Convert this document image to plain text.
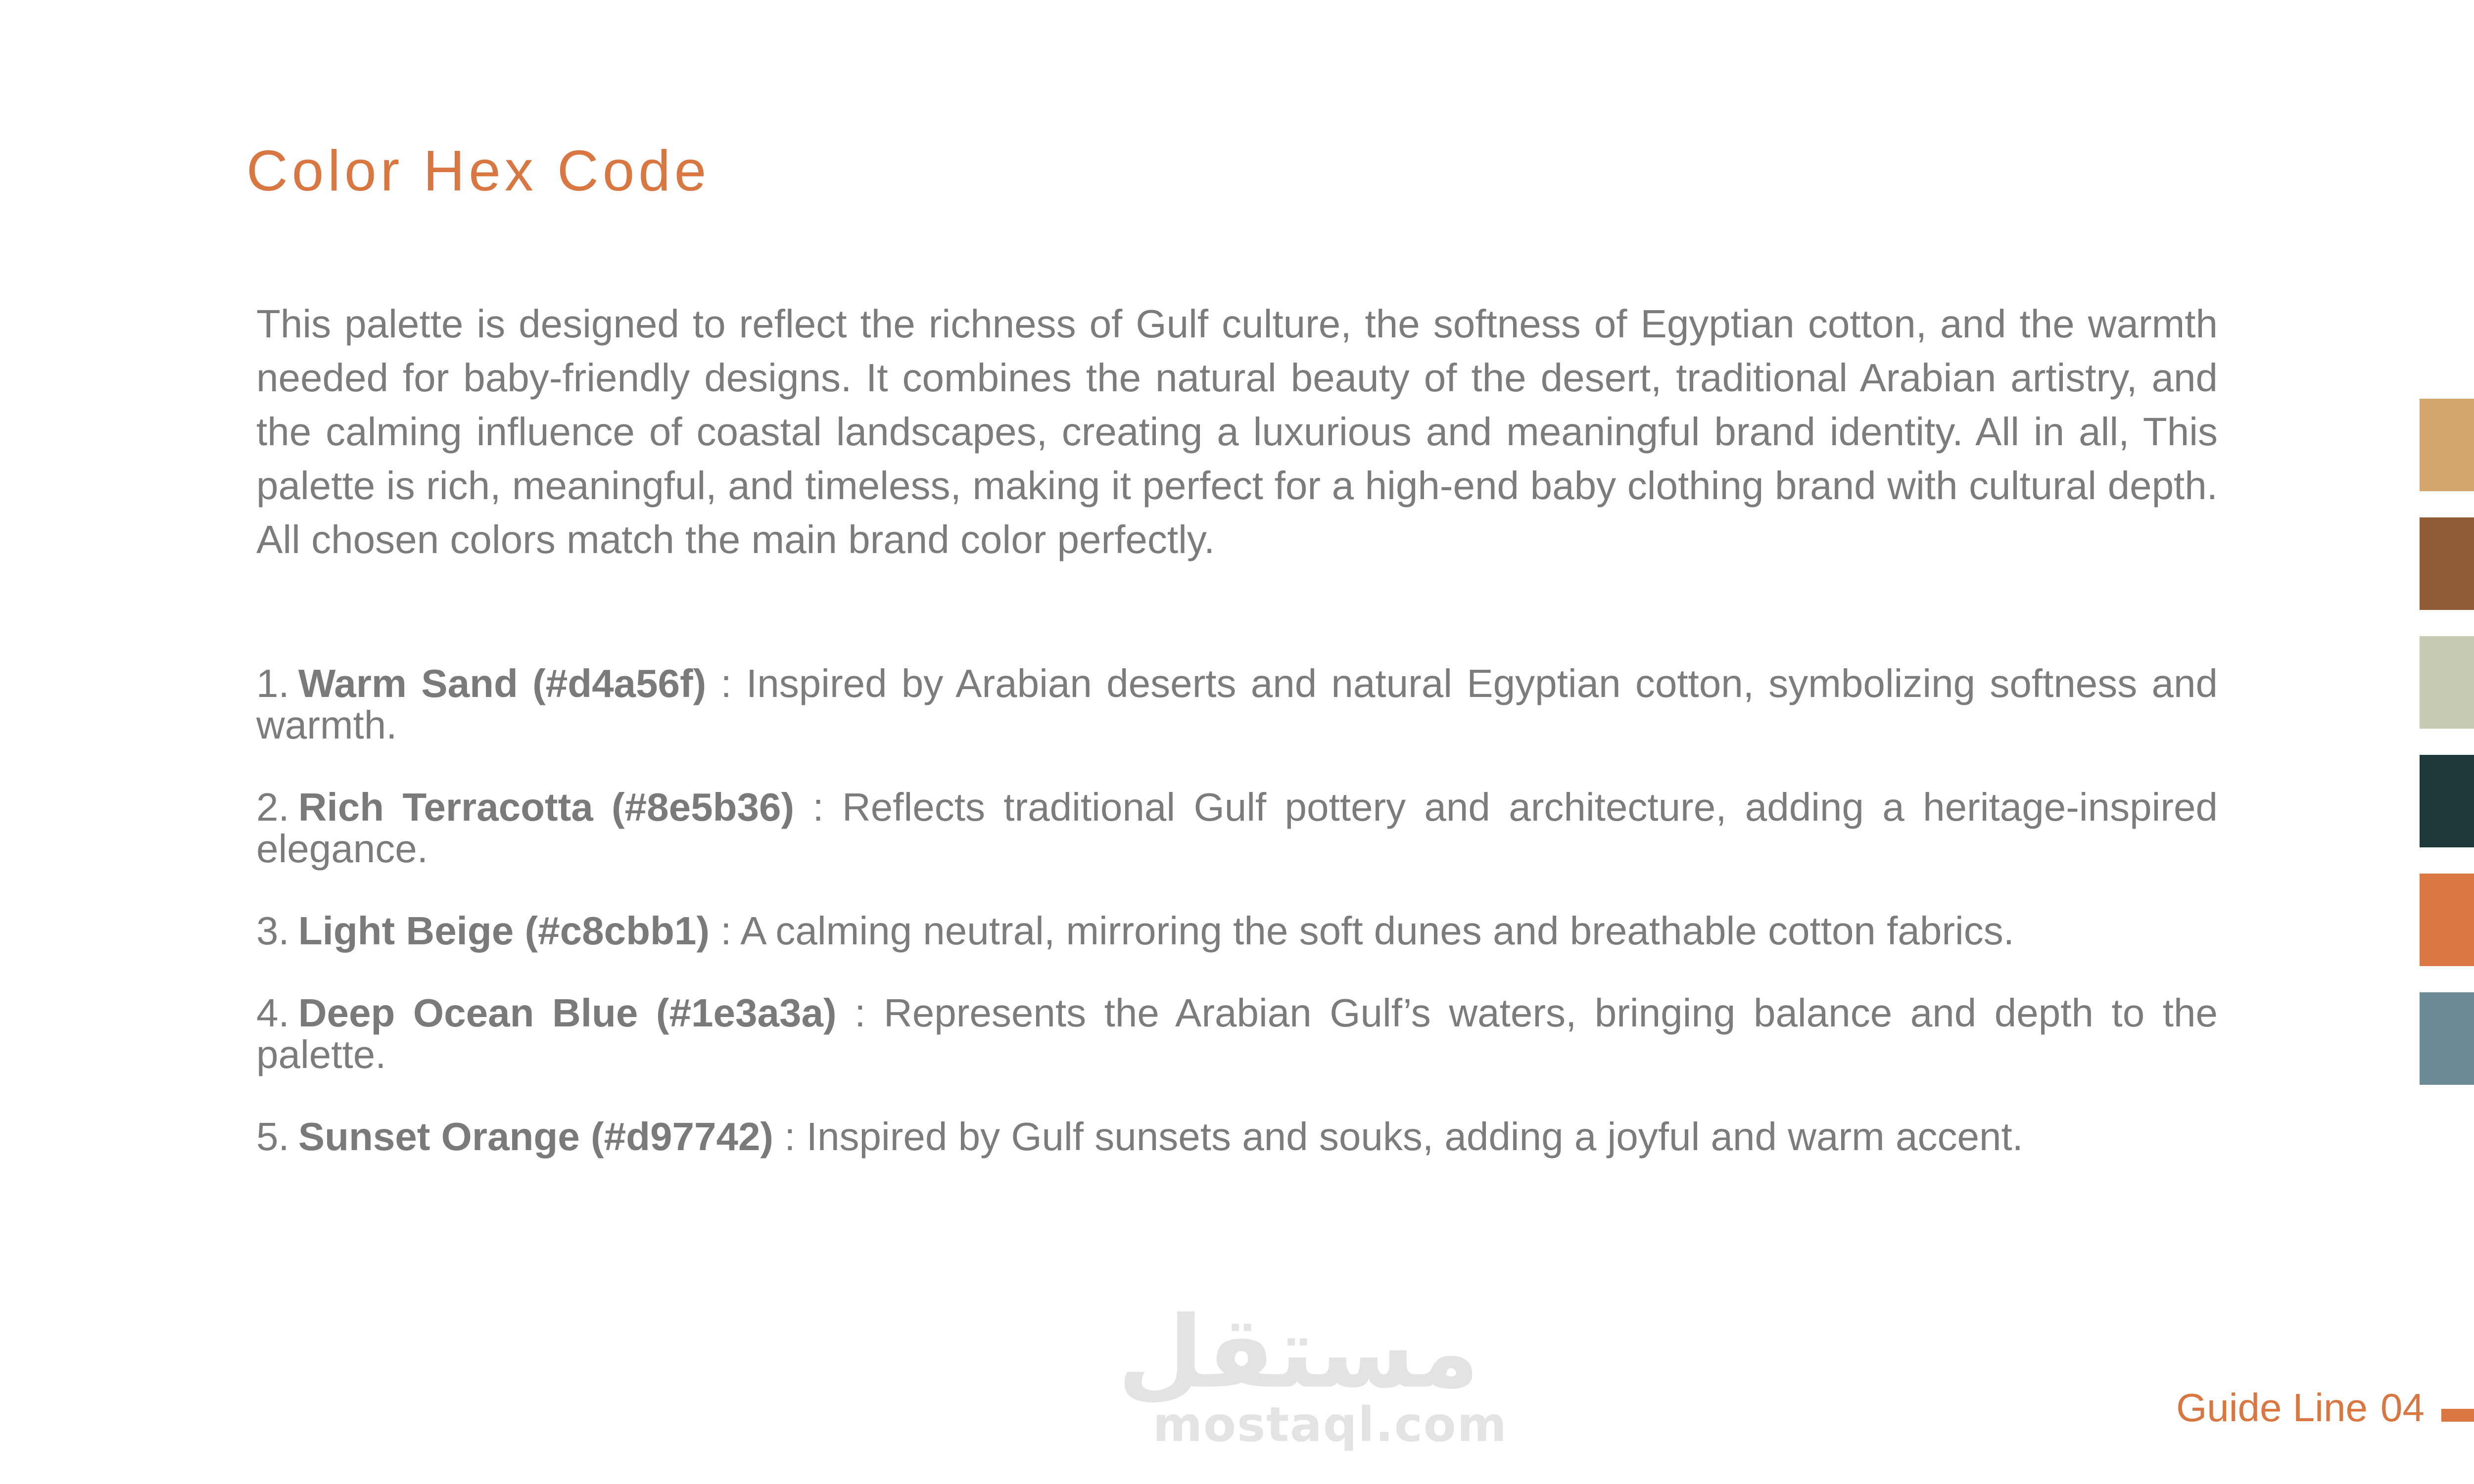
Color Hex Code

This palette is designed to reflect the richness of Gulf culture, the softness of Egyptian cotton, and the warmth needed for baby-friendly designs. It combines the natural beauty of the desert, traditional Arabian artistry, and the calming influence of coastal landscapes, creating a luxurious and meaningful brand identity. All in all, This palette is rich, meaningful, and timeless, making it perfect for a high-end baby clothing brand with cultural depth. All chosen colors match the main brand color perfectly.

1. Warm Sand (#d4a56f) : Inspired by Arabian deserts and natural Egyptian cotton, symbolizing softness and warmth.
2. Rich Terracotta (#8e5b36) : Reflects traditional Gulf pottery and architecture, adding a heritage-inspired elegance.
3. Light Beige (#c8cbb1) : A calming neutral, mirroring the soft dunes and breathable cotton fabrics.
4. Deep Ocean Blue (#1e3a3a) : Represents the Arabian Gulf’s waters, bringing balance and depth to the palette.
5. Sunset Orange (#d97742) : Inspired by Gulf sunsets and souks, adding a joyful and warm accent.
مستقل
mostaql.com	Guide Line 04
